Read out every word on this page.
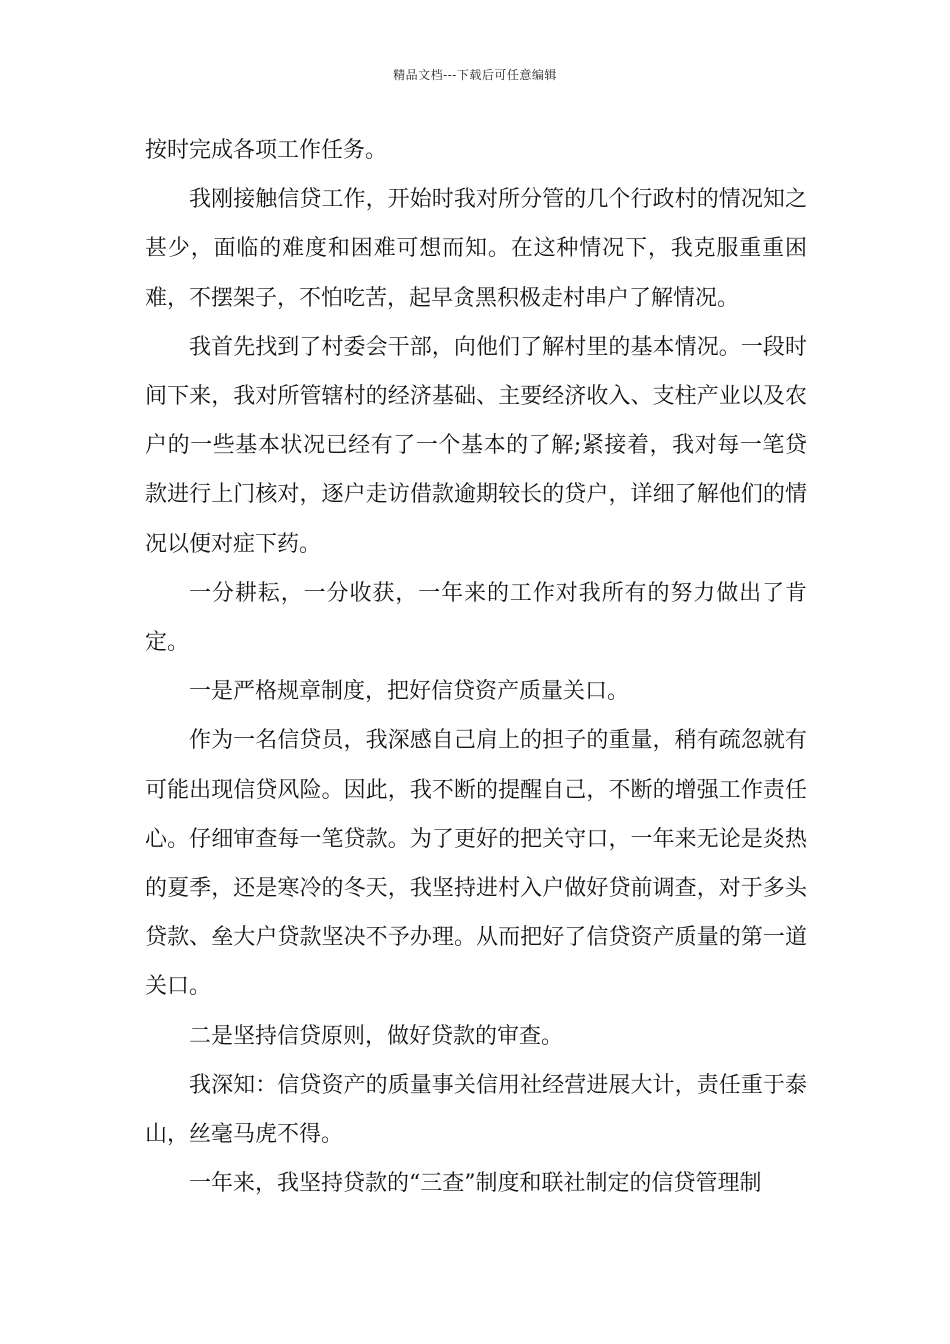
精品文档---下载后可任意编辑

按时完成各项工作任务。

我刚接触信贷工作，开始时我对所分管的几个行政村的情况知之甚少，面临的难度和困难可想而知。在这种情况下，我克服重重困难，不摆架子，不怕吃苦，起早贪黑积极走村串户了解情况。

我首先找到了村委会干部，向他们了解村里的基本情况。一段时间下来，我对所管辖村的经济基础、主要经济收入、支柱产业以及农户的一些基本状况已经有了一个基本的了解;紧接着，我对每一笔贷款进行上门核对，逐户走访借款逾期较长的贷户，详细了解他们的情况以便对症下药。

一分耕耘，一分收获，一年来的工作对我所有的努力做出了肯定。

一是严格规章制度，把好信贷资产质量关口。

作为一名信贷员，我深感自己肩上的担子的重量，稍有疏忽就有可能出现信贷风险。因此，我不断的提醒自己，不断的增强工作责任心。仔细审查每一笔贷款。为了更好的把关守口，一年来无论是炎热的夏季，还是寒冷的冬天，我坚持进村入户做好贷前调查，对于多头贷款、垒大户贷款坚决不予办理。从而把好了信贷资产质量的第一道关口。

二是坚持信贷原则，做好贷款的审查。

我深知：信贷资产的质量事关信用社经营进展大计，责任重于泰山，丝毫马虎不得。

一年来，我坚持贷款的“三查”制度和联社制定的信贷管理制
